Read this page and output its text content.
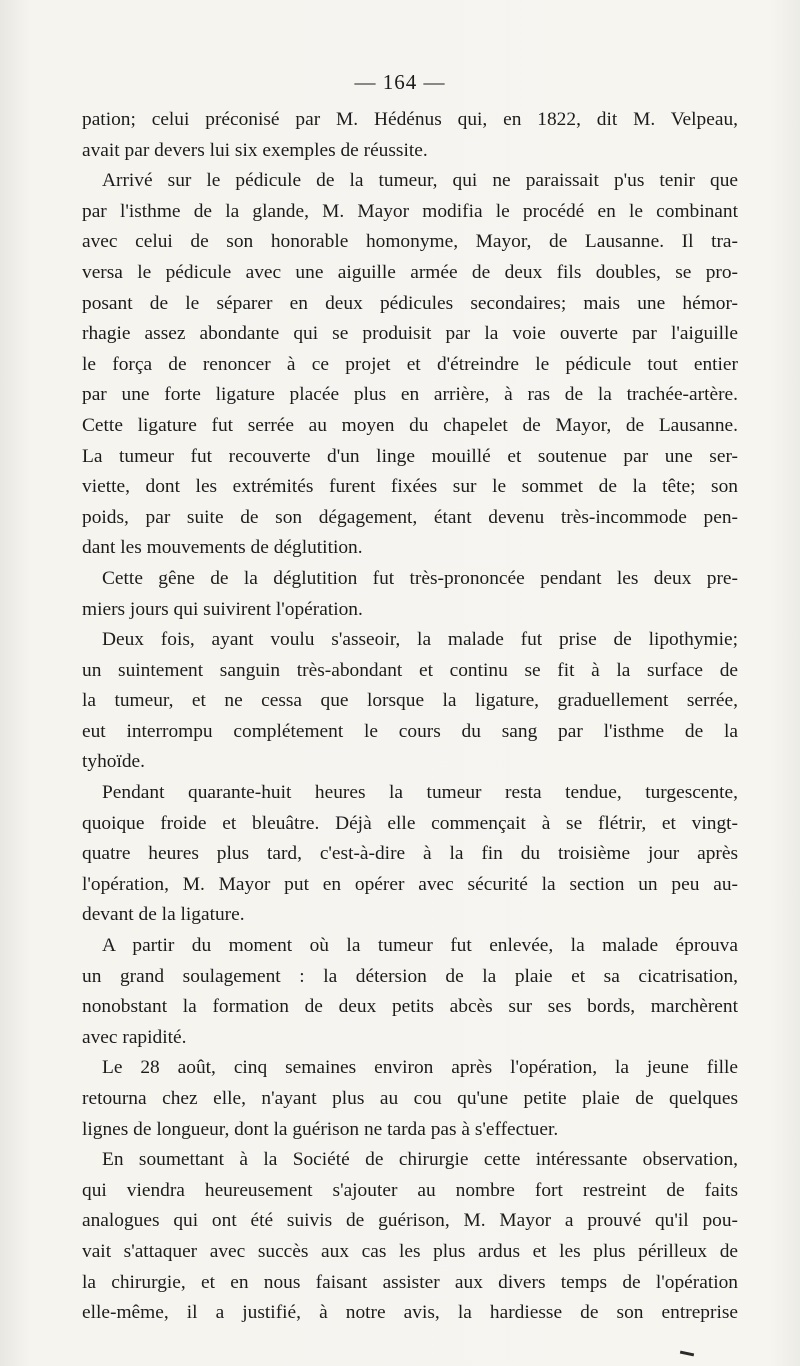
— 164 —
pation; celui préconisé par M. Hédénus qui, en 1822, dit M. Velpeau,
avait par devers lui six exemples de réussite.
Arrivé sur le pédicule de la tumeur, qui ne paraissait p'us tenir que
par l'isthme de la glande, M. Mayor modifia le procédé en le combinant
avec celui de son honorable homonyme, Mayor, de Lausanne. Il tra-
versa le pédicule avec une aiguille armée de deux fils doubles, se pro-
posant de le séparer en deux pédicules secondaires; mais une hémor-
rhagie assez abondante qui se produisit par la voie ouverte par l'aiguille
le força de renoncer à ce projet et d'étreindre le pédicule tout entier
par une forte ligature placée plus en arrière, à ras de la trachée-artère.
Cette ligature fut serrée au moyen du chapelet de Mayor, de Lausanne.
La tumeur fut recouverte d'un linge mouillé et soutenue par une ser-
viette, dont les extrémités furent fixées sur le sommet de la tête; son
poids, par suite de son dégagement, étant devenu très-incommode pen-
dant les mouvements de déglutition.
Cette gêne de la déglutition fut très-prononcée pendant les deux pre-
miers jours qui suivirent l'opération.
Deux fois, ayant voulu s'asseoir, la malade fut prise de lipothymie;
un suintement sanguin très-abondant et continu se fit à la surface de
la tumeur, et ne cessa que lorsque la ligature, graduellement serrée,
eut interrompu complétement le cours du sang par l'isthme de la
tyhoïde.
Pendant quarante-huit heures la tumeur resta tendue, turgescente,
quoique froide et bleuâtre. Déjà elle commençait à se flétrir, et vingt-
quatre heures plus tard, c'est-à-dire à la fin du troisième jour après
l'opération, M. Mayor put en opérer avec sécurité la section un peu au-
devant de la ligature.
A partir du moment où la tumeur fut enlevée, la malade éprouva
un grand soulagement : la détersion de la plaie et sa cicatrisation,
nonobstant la formation de deux petits abcès sur ses bords, marchèrent
avec rapidité.
Le 28 août, cinq semaines environ après l'opération, la jeune fille
retourna chez elle, n'ayant plus au cou qu'une petite plaie de quelques
lignes de longueur, dont la guérison ne tarda pas à s'effectuer.
En soumettant à la Société de chirurgie cette intéressante observation,
qui viendra heureusement s'ajouter au nombre fort restreint de faits
analogues qui ont été suivis de guérison, M. Mayor a prouvé qu'il pou-
vait s'attaquer avec succès aux cas les plus ardus et les plus périlleux de
la chirurgie, et en nous faisant assister aux divers temps de l'opération
elle-même, il a justifié, à notre avis, la hardiesse de son entreprise
